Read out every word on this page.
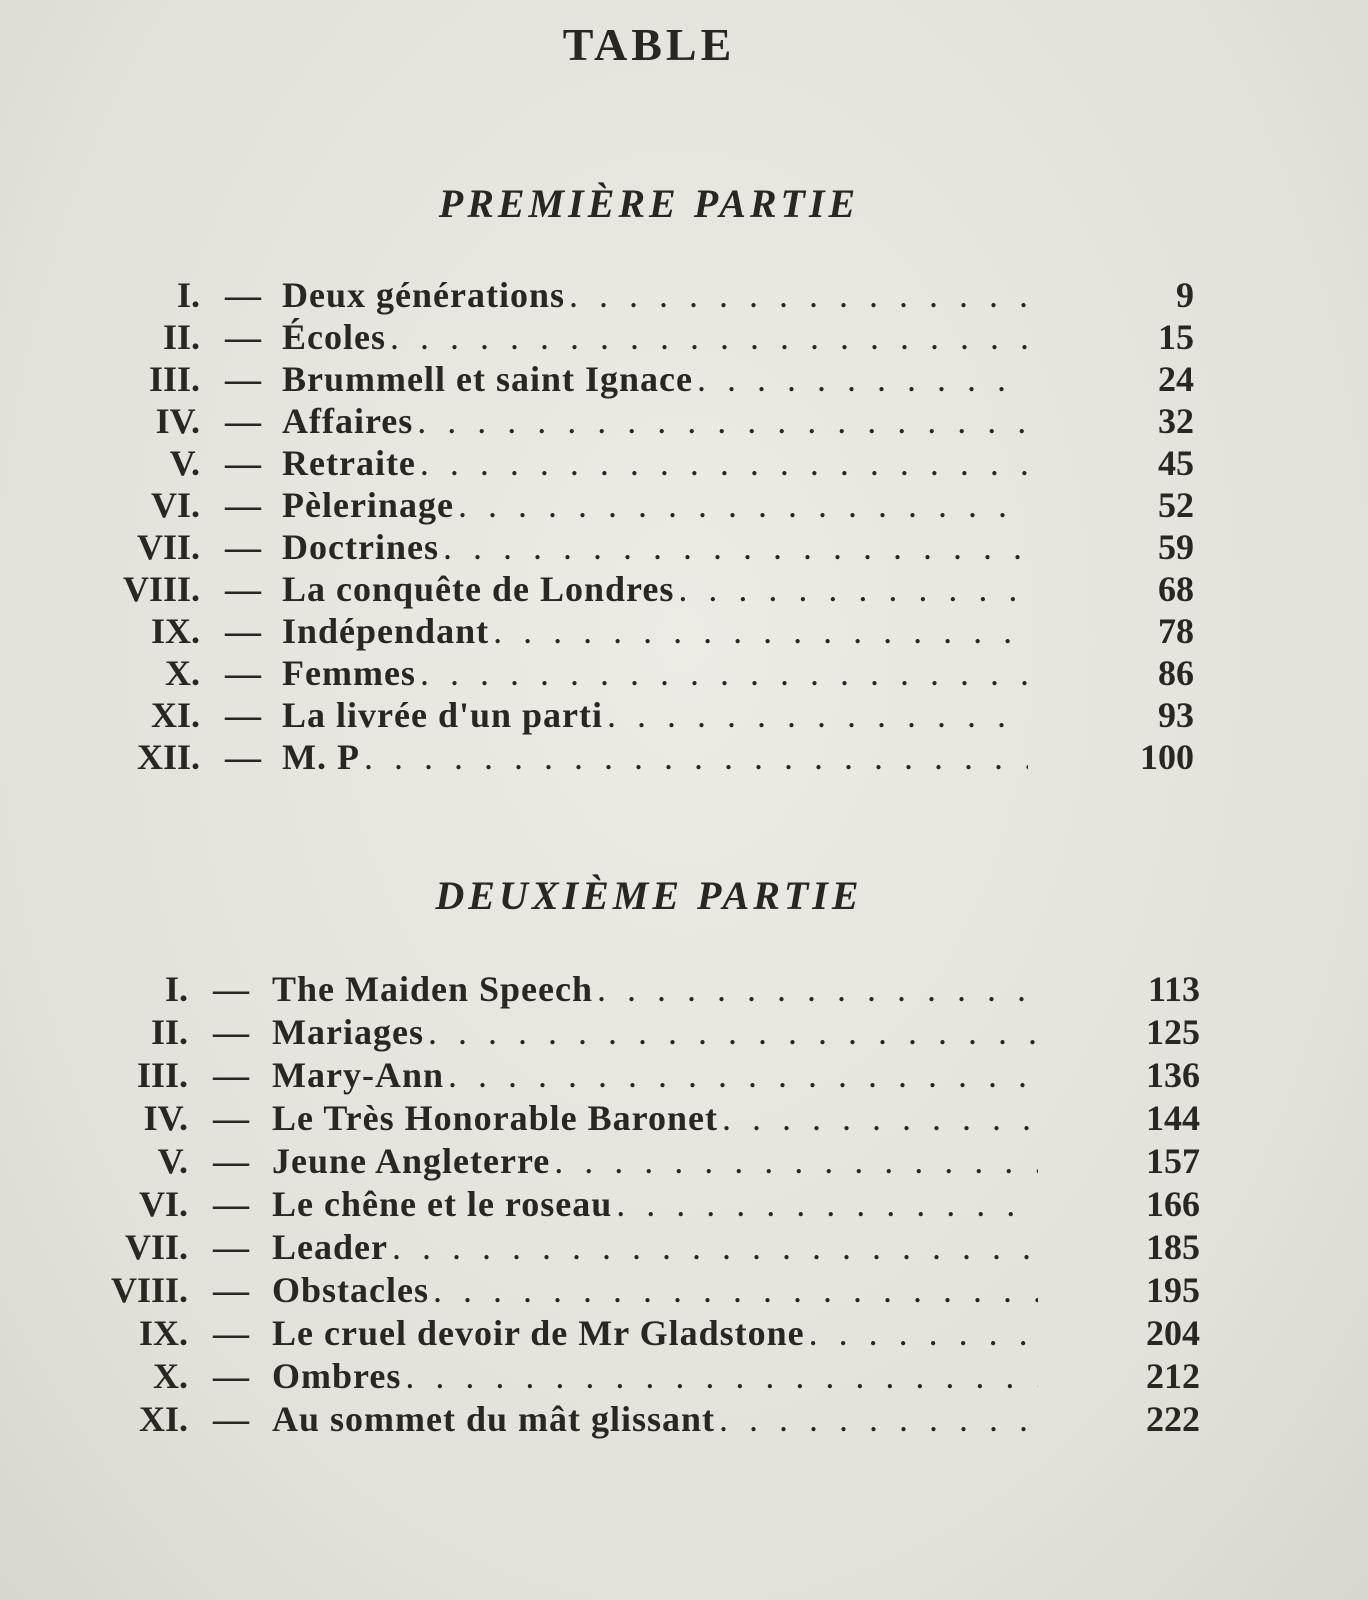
TABLE
PREMIÈRE PARTIE
I. — Deux générations . . .	9
II. — Écoles . . .	15
III. — Brummell et saint Ignace . . .	24
IV. — Affaires . . .	32
V. — Retraite . . .	45
VI. — Pèlerinage . . .	52
VII. — Doctrines . . .	59
VIII. — La conquête de Londres . . .	68
IX. — Indépendant . . .	78
X. — Femmes . . .	86
XI. — La livrée d'un parti . . .	93
XII. — M. P . . .	100
DEUXIÈME PARTIE
I. — The Maiden Speech . . .	113
II. — Mariages . . .	125
III. — Mary-Ann . . .	136
IV. — Le Très Honorable Baronet . . .	144
V. — Jeune Angleterre . . .	157
VI. — Le chêne et le roseau . . .	166
VII. — Leader . . .	185
VIII. — Obstacles . . .	195
IX. — Le cruel devoir de Mr Gladstone . . .	204
X. — Ombres . . .	212
XI. — Au sommet du mât glissant . . .	222
